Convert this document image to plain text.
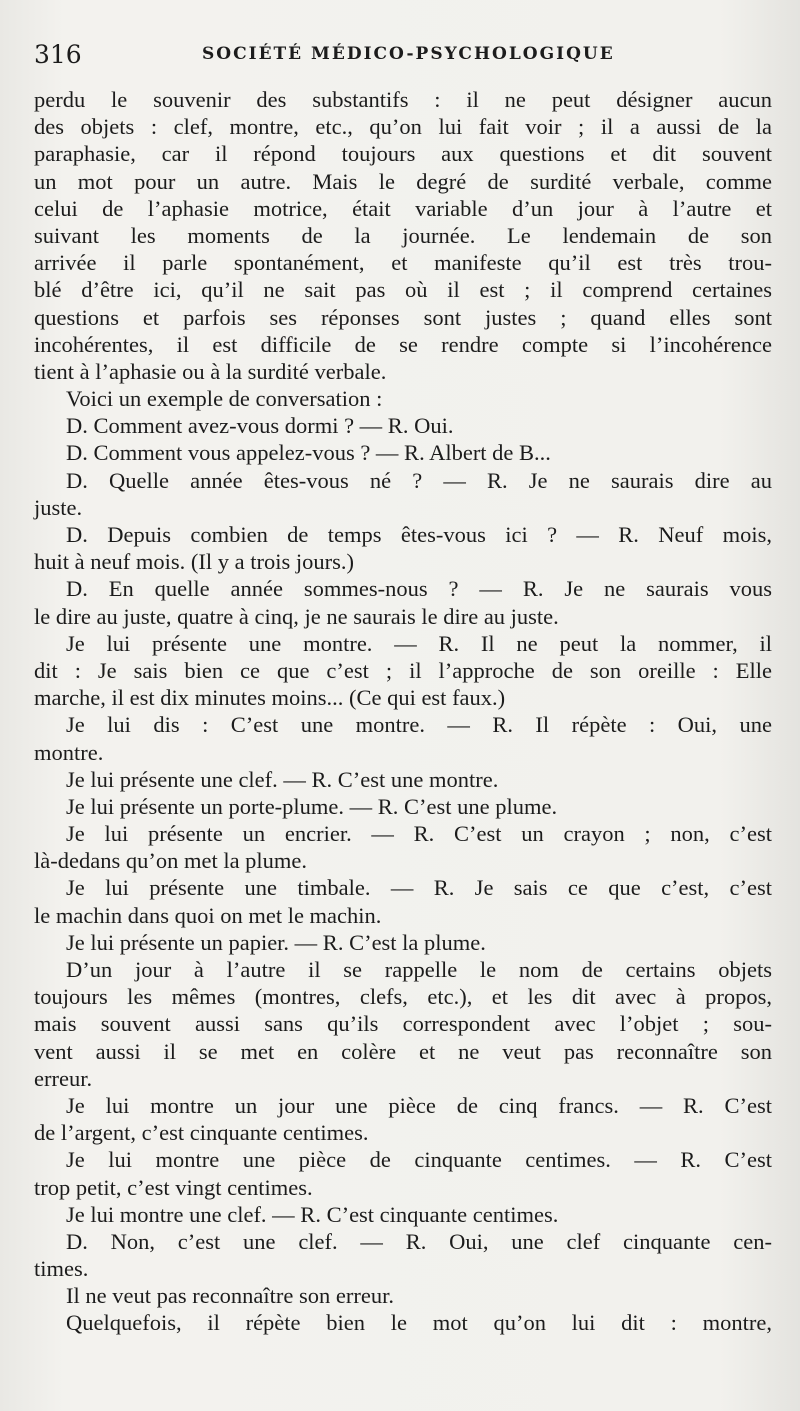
316	SOCIÉTÉ MÉDICO-PSYCHOLOGIQUE
perdu le souvenir des substantifs : il ne peut désigner aucun
des objets : clef, montre, etc., qu’on lui fait voir ; il a aussi de la
paraphasie, car il répond toujours aux questions et dit souvent
un mot pour un autre. Mais le degré de surdité verbale, comme
celui de l’aphasie motrice, était variable d’un jour à l’autre et
suivant les moments de la journée. Le lendemain de son
arrivée il parle spontanément, et manifeste qu’il est très trou-
blé d’être ici, qu’il ne sait pas où il est ; il comprend certaines
questions et parfois ses réponses sont justes ; quand elles sont
incohérentes, il est difficile de se rendre compte si l’incohérence
tient à l’aphasie ou à la surdité verbale.
Voici un exemple de conversation :
D. Comment avez-vous dormi ? — R. Oui.
D. Comment vous appelez-vous ? — R. Albert de B...
D. Quelle année êtes-vous né ? — R. Je ne saurais dire au
juste.
D. Depuis combien de temps êtes-vous ici ? — R. Neuf mois,
huit à neuf mois. (Il y a trois jours.)
D. En quelle année sommes-nous ? — R. Je ne saurais vous
le dire au juste, quatre à cinq, je ne saurais le dire au juste.
Je lui présente une montre. — R. Il ne peut la nommer, il
dit : Je sais bien ce que c’est ; il l’approche de son oreille : Elle
marche, il est dix minutes moins... (Ce qui est faux.)
Je lui dis : C’est une montre. — R. Il répète : Oui, une
montre.
Je lui présente une clef. — R. C’est une montre.
Je lui présente un porte-plume. — R. C’est une plume.
Je lui présente un encrier. — R. C’est un crayon ; non, c’est
là-dedans qu’on met la plume.
Je lui présente une timbale. — R. Je sais ce que c’est, c’est
le machin dans quoi on met le machin.
Je lui présente un papier. — R. C’est la plume.
D’un jour à l’autre il se rappelle le nom de certains objets
toujours les mêmes (montres, clefs, etc.), et les dit avec à propos,
mais souvent aussi sans qu’ils correspondent avec l’objet ; sou-
vent aussi il se met en colère et ne veut pas reconnaître son
erreur.
Je lui montre un jour une pièce de cinq francs. — R. C’est
de l’argent, c’est cinquante centimes.
Je lui montre une pièce de cinquante centimes. — R. C’est
trop petit, c’est vingt centimes.
Je lui montre une clef. — R. C’est cinquante centimes.
D. Non, c’est une clef. — R. Oui, une clef cinquante cen-
times.
Il ne veut pas reconnaître son erreur.
Quelquefois, il répète bien le mot qu’on lui dit : montre,
